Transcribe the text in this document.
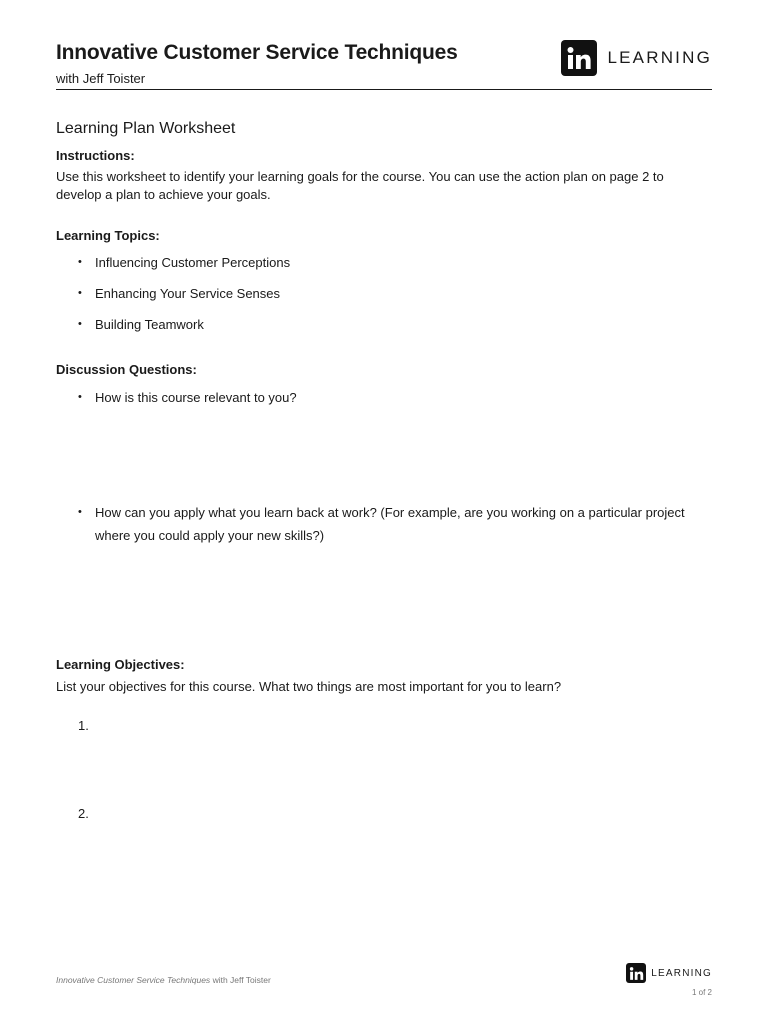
Innovative Customer Service Techniques
with Jeff Toister
LEARNING
Learning Plan Worksheet
Instructions:
Use this worksheet to identify your learning goals for the course. You can use the action plan on page 2 to develop a plan to achieve your goals.
Learning Topics:
• Influencing Customer Perceptions
• Enhancing Your Service Senses
• Building Teamwork
Discussion Questions:
• How is this course relevant to you?
• How can you apply what you learn back at work? (For example, are you working on a particular project where you could apply your new skills?)
Learning Objectives:
List your objectives for this course. What two things are most important for you to learn?
1.
2.
Innovative Customer Service Techniques with Jeff Toister
LEARNING
1 of 2
